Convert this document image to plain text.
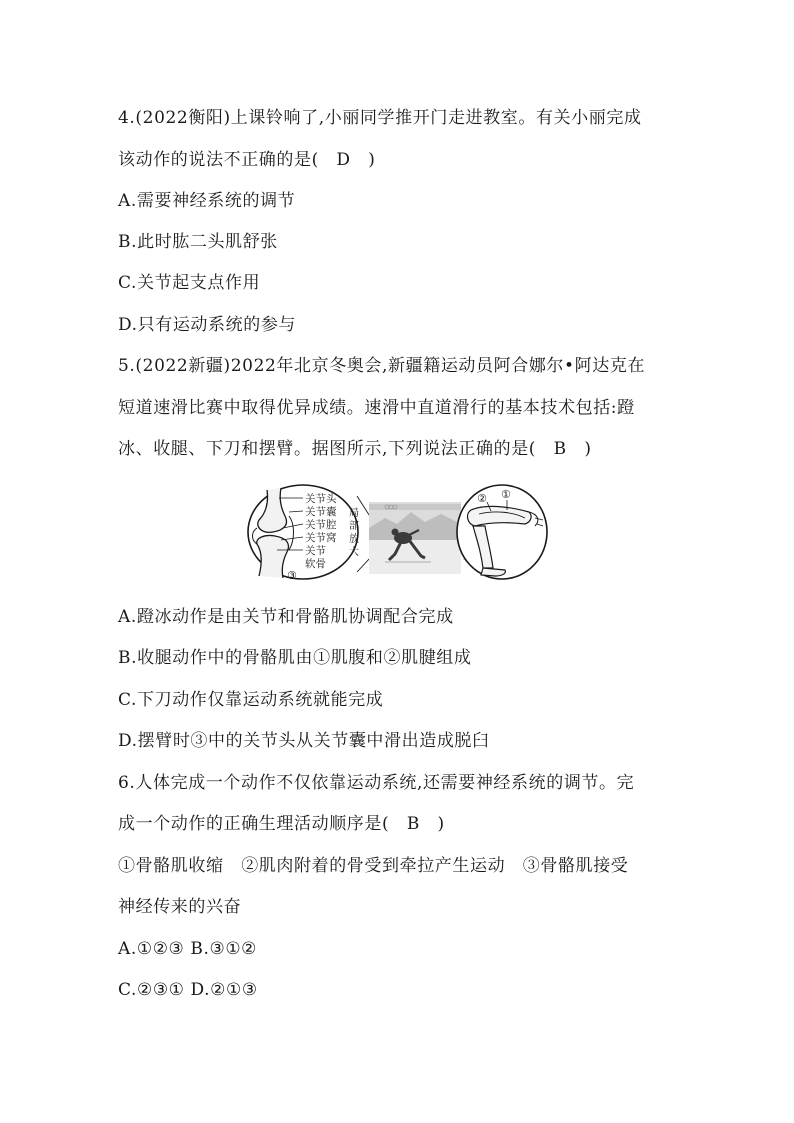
4.(2022衡阳)上课铃响了,小丽同学推开门走进教室。有关小丽完成
该动作的说法不正确的是(　D　)
A.需要神经系统的调节
B.此时肱二头肌舒张
C.关节起支点作用
D.只有运动系统的参与
5.(2022新疆)2022年北京冬奥会,新疆籍运动员阿合娜尔•阿达克在
短道速滑比赛中取得优异成绩。速滑中直道滑行的基本技术包括:蹬
冰、收腿、下刀和摆臂。据图所示,下列说法正确的是(　B　)
关节头
关节囊
关节腔
关节窝
关节
软骨
③
局
部
放
大
② ①
A.蹬冰动作是由关节和骨骼肌协调配合完成
B.收腿动作中的骨骼肌由①肌腹和②肌腱组成
C.下刀动作仅靠运动系统就能完成
D.摆臂时③中的关节头从关节囊中滑出造成脱臼
6.人体完成一个动作不仅依靠运动系统,还需要神经系统的调节。完
成一个动作的正确生理活动顺序是(　B　)
①骨骼肌收缩　②肌肉附着的骨受到牵拉产生运动　③骨骼肌接受
神经传来的兴奋
A.①②③ B.③①②
C.②③① D.②①③
